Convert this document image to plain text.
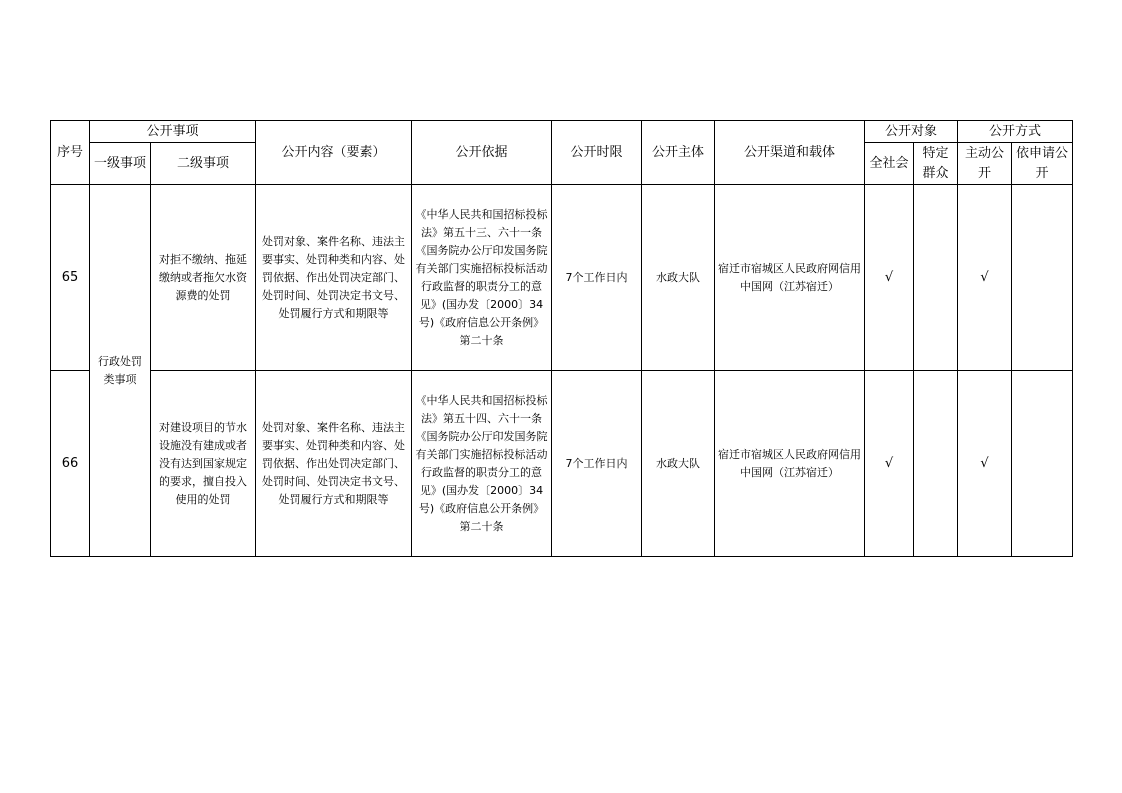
序号	公开事项		公开内容（要素）	公开依据	公开时限	公开主体	公开渠道和载体	公开对象		公开方式	
	一级事项	二级事项						全社会	特定群众	主动公开	依申请公开
65	行政处罚类事项	对拒不缴纳、拖延缴纳或者拖欠水资源费的处罚	处罚对象、案件名称、违法主要事实、处罚种类和内容、处罚依据、作出处罚决定部门、处罚时间、处罚决定书文号、处罚履行方式和期限等	《中华人民共和国招标投标法》第五十三、六十一条《国务院办公厅印发国务院有关部门实施招标投标活动行政监督的职责分工的意见》(国办发〔2000〕34号)《政府信息公开条例》第二十条	7个工作日内	水政大队	宿迁市宿城区人民政府网信用中国网（江苏宿迁）	√		√	
66		对建设项目的节水设施没有建成或者没有达到国家规定的要求，擅自投入使用的处罚	处罚对象、案件名称、违法主要事实、处罚种类和内容、处罚依据、作出处罚决定部门、处罚时间、处罚决定书文号、处罚履行方式和期限等	《中华人民共和国招标投标法》第五十四、六十一条《国务院办公厅印发国务院有关部门实施招标投标活动行政监督的职责分工的意见》(国办发〔2000〕34号)《政府信息公开条例》第二十条	7个工作日内	水政大队	宿迁市宿城区人民政府网信用中国网（江苏宿迁）	√		√	
